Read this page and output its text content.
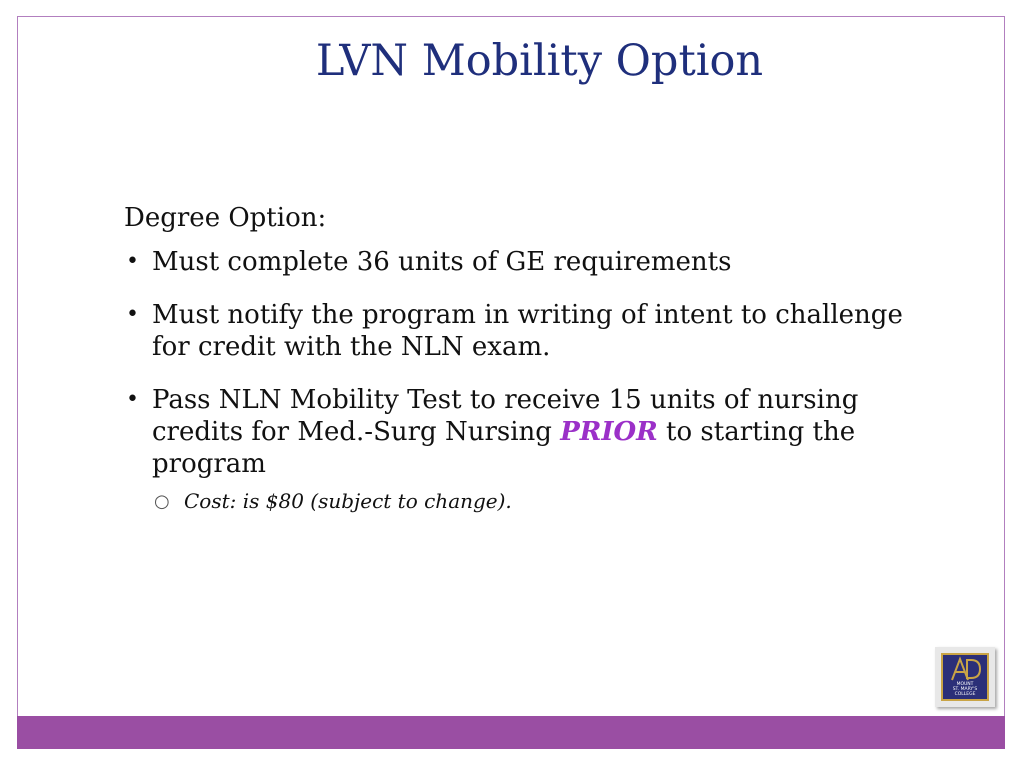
LVN Mobility Option

Degree Option:

• Must complete 36 units of GE requirements
• Must notify the program in writing of intent to challenge for credit with the NLN exam.
• Pass NLN Mobility Test to receive 15 units of nursing credits for Med.-Surg Nursing PRIOR to starting the program
○ Cost: is $80 (subject to change).
MOUNT
ST. MARY'S
COLLEGE
